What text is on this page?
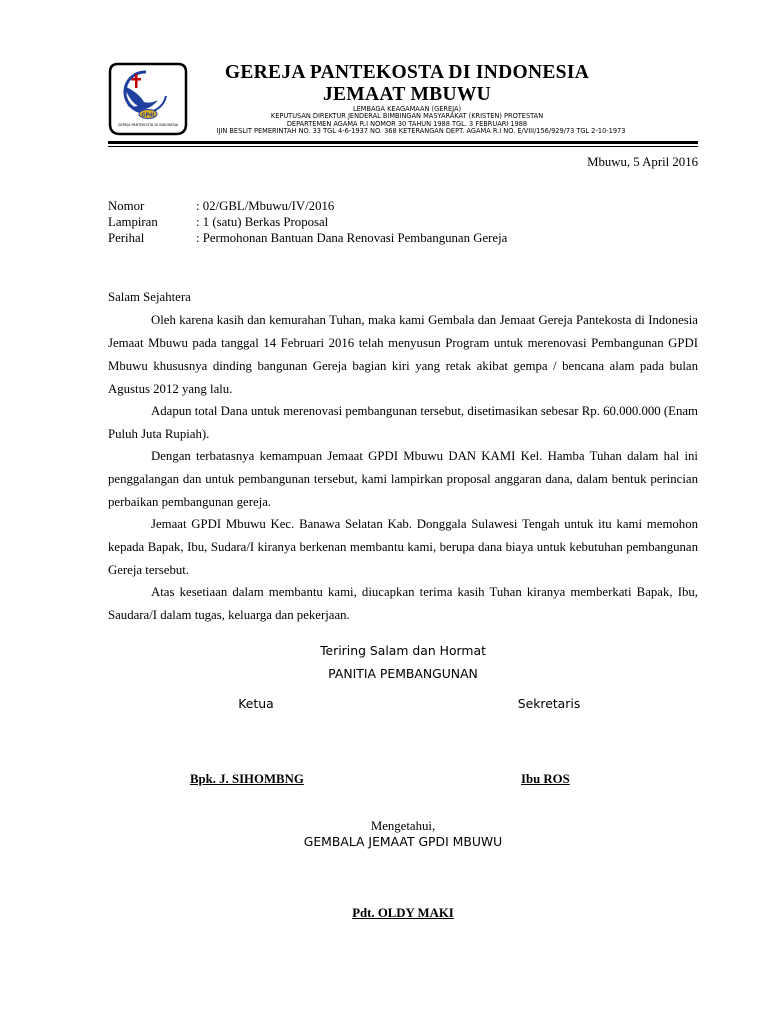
GPdI
GEREJA PANTEKOSTA DI INDONESIA
GEREJA PANTEKOSTA DI INDONESIA
JEMAAT MBUWU
LEMBAGA KEAGAMAAN (GEREJA)
KEPUTUSAN DIREKTUR JENDERAL BIMBINGAN MASYARAKAT (KRISTEN) PROTESTAN
DEPARTEMEN AGAMA R.I NOMOR 30 TAHUN 1988 TGL. 3 FEBRUARI 1988
IJIN BESLIT PEMERINTAH NO. 33 TGL 4-6-1937 NO. 368 KETERANGAN DEPT. AGAMA R.I NO. E/VIII/156/929/73 TGL 2-10-1973
Mbuwu, 5 April 2016
Nomor	: 02/GBL/Mbuwu/IV/2016
Lampiran	: 1 (satu) Berkas Proposal
Perihal	: Permohonan Bantuan Dana Renovasi Pembangunan Gereja
Salam Sejahtera
Oleh karena kasih dan kemurahan Tuhan, maka kami Gembala dan Jemaat Gereja Pantekosta di Indonesia Jemaat Mbuwu pada tanggal 14 Februari 2016 telah menyusun Program untuk merenovasi Pembangunan GPDI Mbuwu khususnya dinding bangunan Gereja bagian kiri yang retak akibat gempa / bencana alam pada bulan Agustus 2012 yang lalu.
Adapun total Dana untuk merenovasi pembangunan tersebut, disetimasikan sebesar Rp. 60.000.000 (Enam Puluh Juta Rupiah).
Dengan terbatasnya kemampuan Jemaat GPDI Mbuwu DAN KAMI Kel. Hamba Tuhan dalam hal ini penggalangan dan untuk pembangunan tersebut, kami lampirkan proposal anggaran dana, dalam bentuk perincian perbaikan pembangunan gereja.
Jemaat GPDI Mbuwu Kec. Banawa Selatan Kab. Donggala Sulawesi Tengah untuk itu kami memohon kepada Bapak, Ibu, Sudara/I kiranya berkenan membantu kami, berupa dana biaya untuk kebutuhan pembangunan Gereja tersebut.
Atas kesetiaan dalam membantu kami, diucapkan terima kasih Tuhan kiranya memberkati Bapak, Ibu, Saudara/I dalam tugas, keluarga dan pekerjaan.
Teriring Salam dan Hormat
PANITIA PEMBANGUNAN
Ketua	Sekretaris
Bpk. J. SIHOMBNG	Ibu ROS
Mengetahui,
GEMBALA JEMAAT GPDI MBUWU
Pdt. OLDY MAKI
